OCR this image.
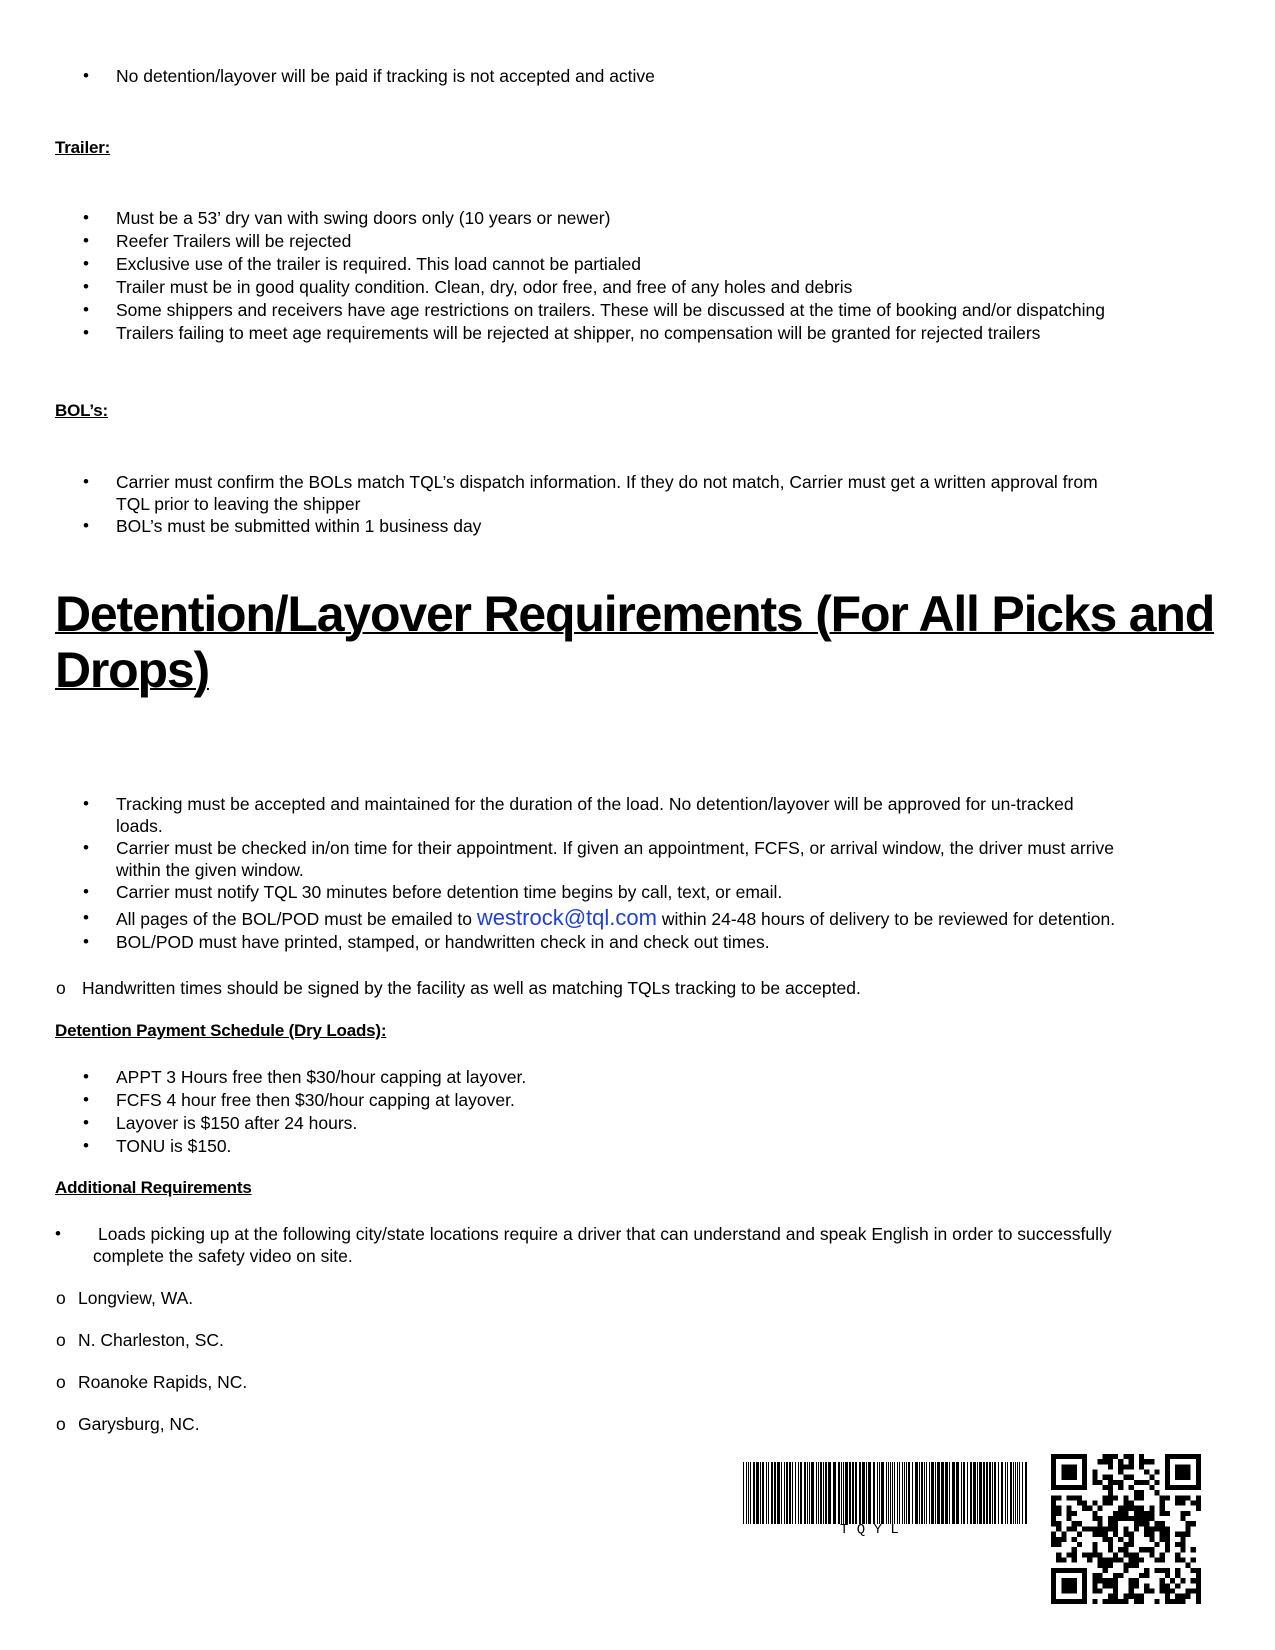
• No detention/layover will be paid if tracking is not accepted and active
Trailer:
• Must be a 53’ dry van with swing doors only (10 years or newer)
• Reefer Trailers will be rejected
• Exclusive use of the trailer is required. This load cannot be partialed
• Trailer must be in good quality condition. Clean, dry, odor free, and free of any holes and debris
• Some shippers and receivers have age restrictions on trailers. These will be discussed at the time of booking and/or dispatching
• Trailers failing to meet age requirements will be rejected at shipper, no compensation will be granted for rejected trailers
BOL’s:
• Carrier must confirm the BOLs match TQL’s dispatch information. If they do not match, Carrier must get a written approval from
TQL prior to leaving the shipper
• BOL’s must be submitted within 1 business day
Detention/Layover Requirements (For All Picks and Drops)
• Tracking must be accepted and maintained for the duration of the load. No detention/layover will be approved for un-tracked
loads.
• Carrier must be checked in/on time for their appointment. If given an appointment, FCFS, or arrival window, the driver must arrive
within the given window.
• Carrier must notify TQL 30 minutes before detention time begins by call, text, or email.
• All pages of the BOL/POD must be emailed to westrock@tql.com within 24-48 hours of delivery to be reviewed for detention.
• BOL/POD must have printed, stamped, or handwritten check in and check out times.
o Handwritten times should be signed by the facility as well as matching TQLs tracking to be accepted.
Detention Payment Schedule (Dry Loads):
• APPT 3 Hours free then $30/hour capping at layover.
• FCFS 4 hour free then $30/hour capping at layover.
• Layover is $150 after 24 hours.
• TONU is $150.
Additional Requirements
• Loads picking up at the following city/state locations require a driver that can understand and speak English in order to successfully
complete the safety video on site.
o Longview, WA.
o N. Charleston, SC.
o Roanoke Rapids, NC.
o Garysburg, NC.
T Q Y L
